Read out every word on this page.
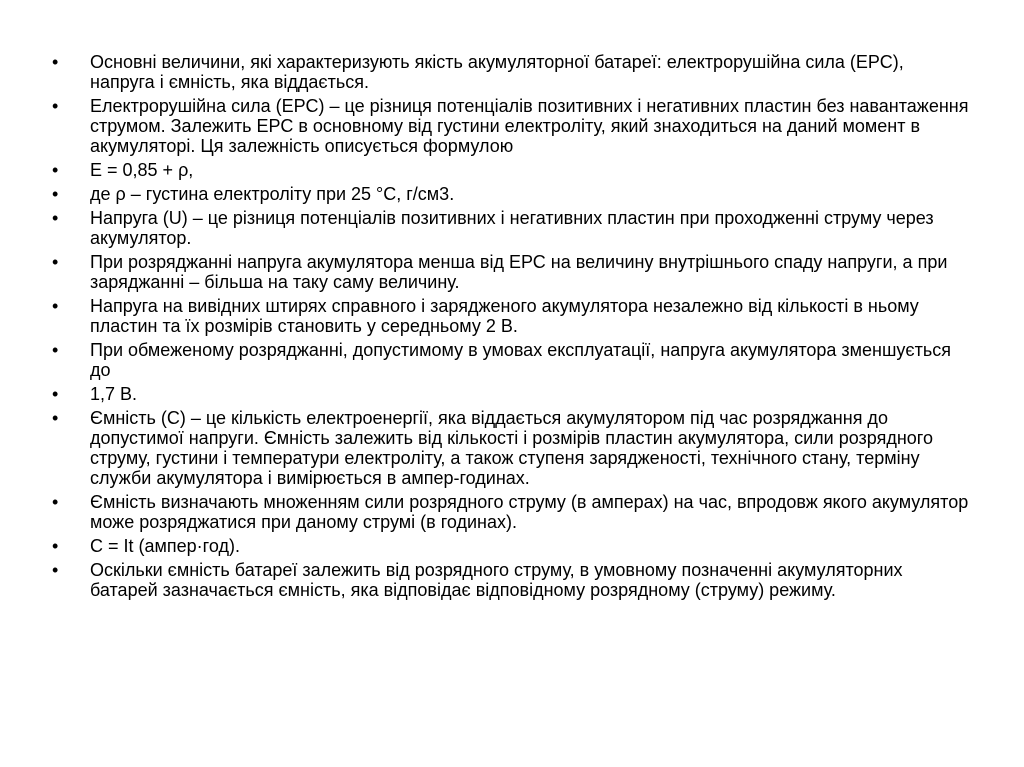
•	Основні величини, які характеризують якість акумуляторної батареї: електрорушійна сила (ЕРС), напруга і ємність, яка віддається.
•	Електрорушійна сила (ЕРС) – це різниця потенціалів позитивних і негативних пластин без навантаження струмом. Залежить ЕРС в основному від густини електроліту, який знаходиться на даний момент в акумуляторі. Ця залежність описується формулою
•	E = 0,85 + ρ,
•	де ρ – густина електроліту при 25 °С, г/см3.
•	Напруга (U) – це різниця потенціалів позитивних і негативних пластин при проходженні струму через акумулятор.
•	При розряджанні напруга акумулятора менша від ЕРС на величину внутрішнього спаду напруги, а при заряджанні – більша на таку саму величину.
•	Напруга на вивідних штирях справного і зарядженого акумулятора незалежно від кількості в ньому пластин та їх розмірів становить у середньому 2 В.
•	При обмеженому розряджанні, допустимому в умовах експлуатації, напруга акумулятора зменшується до
•	1,7 В.
•	Ємність (С) – це кількість електроенергії, яка віддається акумулятором під час розряджання до допустимої напруги. Ємність залежить від кількості і розмірів пластин акумулятора, сили розрядного струму, густини і температури електроліту, а також ступеня зарядженості, технічного стану, терміну служби акумулятора і вимірюється в ампер-годинах.
•	Ємність визначають множенням сили розрядного струму (в амперах) на час, впродовж якого акумулятор може розряджатися при даному струмі (в годинах).
•	C = It (ампер·год).
•	Оскільки ємність батареї залежить від розрядного струму, в умовному позначенні акумуляторних батарей зазначається ємність, яка відповідає відповідному розрядному (струму) режиму.
